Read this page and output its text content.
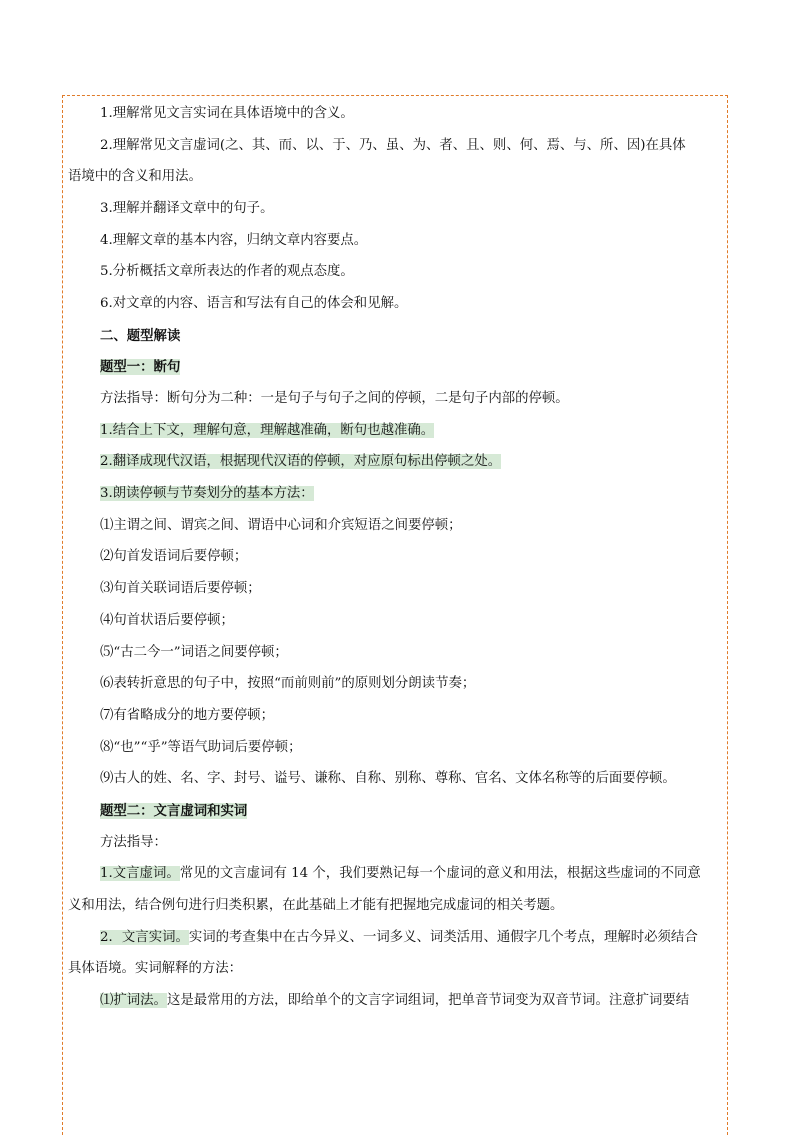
1.理解常见文言实词在具体语境中的含义。
2.理解常见文言虚词(之、其、而、以、于、乃、虽、为、者、且、则、何、焉、与、所、因)在具体
语境中的含义和用法。
3.理解并翻译文章中的句子。
4.理解文章的基本内容，归纳文章内容要点。
5.分析概括文章所表达的作者的观点态度。
6.对文章的内容、语言和写法有自己的体会和见解。
二、题型解读
题型一：断句
方法指导：断句分为二种：一是句子与句子之间的停顿，二是句子内部的停顿。
1.结合上下文，理解句意，理解越准确，断句也越准确。
2.翻译成现代汉语，根据现代汉语的停顿，对应原句标出停顿之处。
3.朗读停顿与节奏划分的基本方法：
⑴主谓之间、谓宾之间、谓语中心词和介宾短语之间要停顿；
⑵句首发语词后要停顿；
⑶句首关联词语后要停顿；
⑷句首状语后要停顿；
⑸“古二今一”词语之间要停顿；
⑹表转折意思的句子中，按照“而前则前”的原则划分朗读节奏；
⑺有省略成分的地方要停顿；
⑻“也”“乎”等语气助词后要停顿；
⑼古人的姓、名、字、封号、谥号、谦称、自称、别称、尊称、官名、文体名称等的后面要停顿。
题型二：文言虚词和实词
方法指导：
1.文言虚词。常见的文言虚词有 14 个，我们要熟记每一个虚词的意义和用法，根据这些虚词的不同意
义和用法，结合例句进行归类积累，在此基础上才能有把握地完成虚词的相关考题。
2．文言实词。实词的考查集中在古今异义、一词多义、词类活用、通假字几个考点，理解时必须结合
具体语境。实词解释的方法：
⑴扩词法。这是最常用的方法，即给单个的文言字词组词，把单音节词变为双音节词。注意扩词要结
